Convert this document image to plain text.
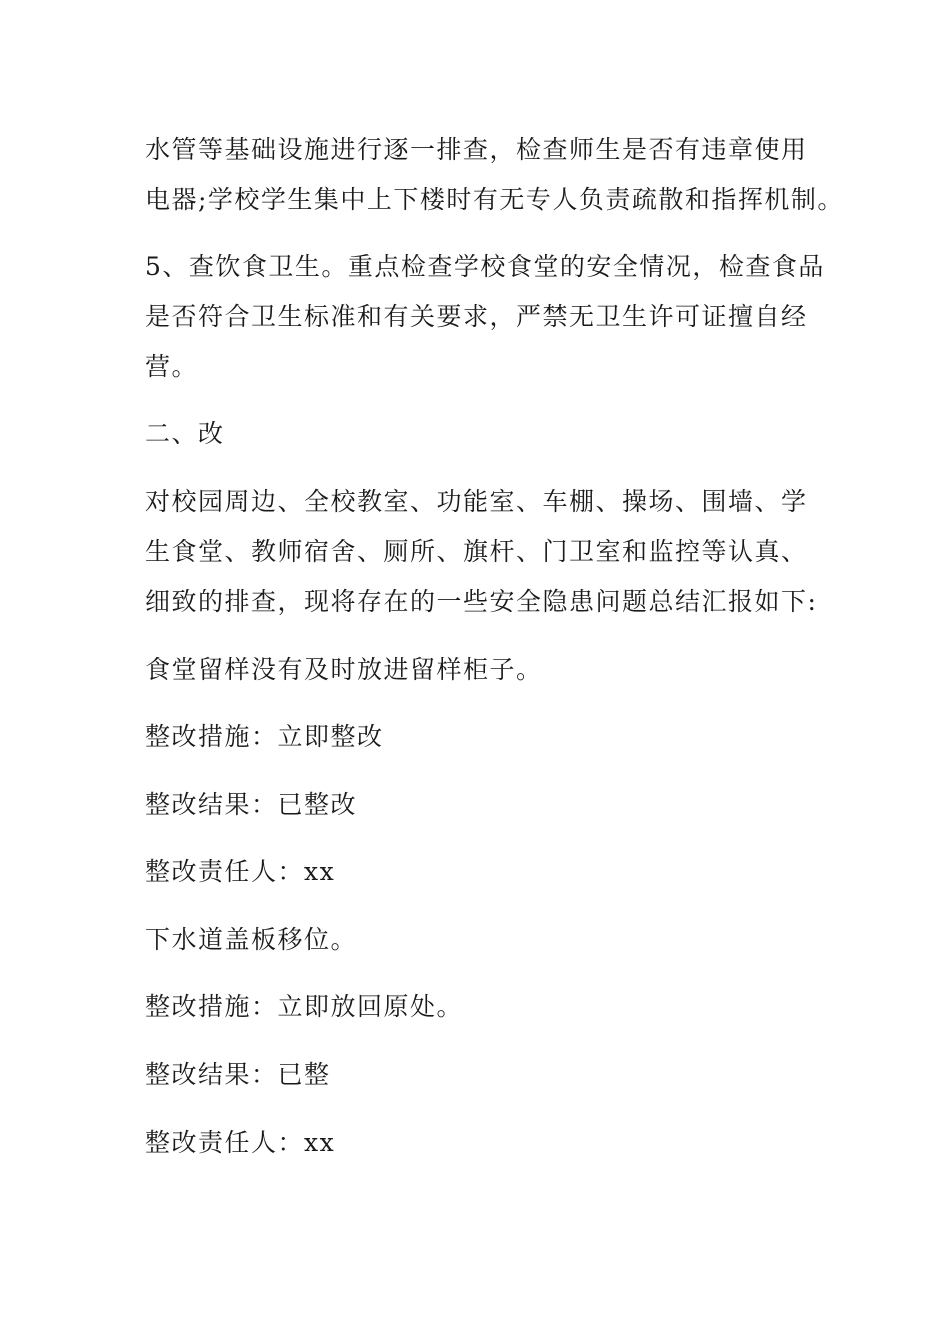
水管等基础设施进行逐一排查，检查师生是否有违章使用
电器;学校学生集中上下楼时有无专人负责疏散和指挥机制。
5、查饮食卫生。重点检查学校食堂的安全情况，检查食品
是否符合卫生标准和有关要求，严禁无卫生许可证擅自经
营。
二、改
对校园周边、全校教室、功能室、车棚、操场、围墙、学
生食堂、教师宿舍、厕所、旗杆、门卫室和监控等认真、
细致的排查，现将存在的一些安全隐患问题总结汇报如下:
食堂留样没有及时放进留样柜子。
整改措施：立即整改
整改结果：已整改
整改责任人：xx
下水道盖板移位。
整改措施：立即放回原处。
整改结果：已整
整改责任人：xx
